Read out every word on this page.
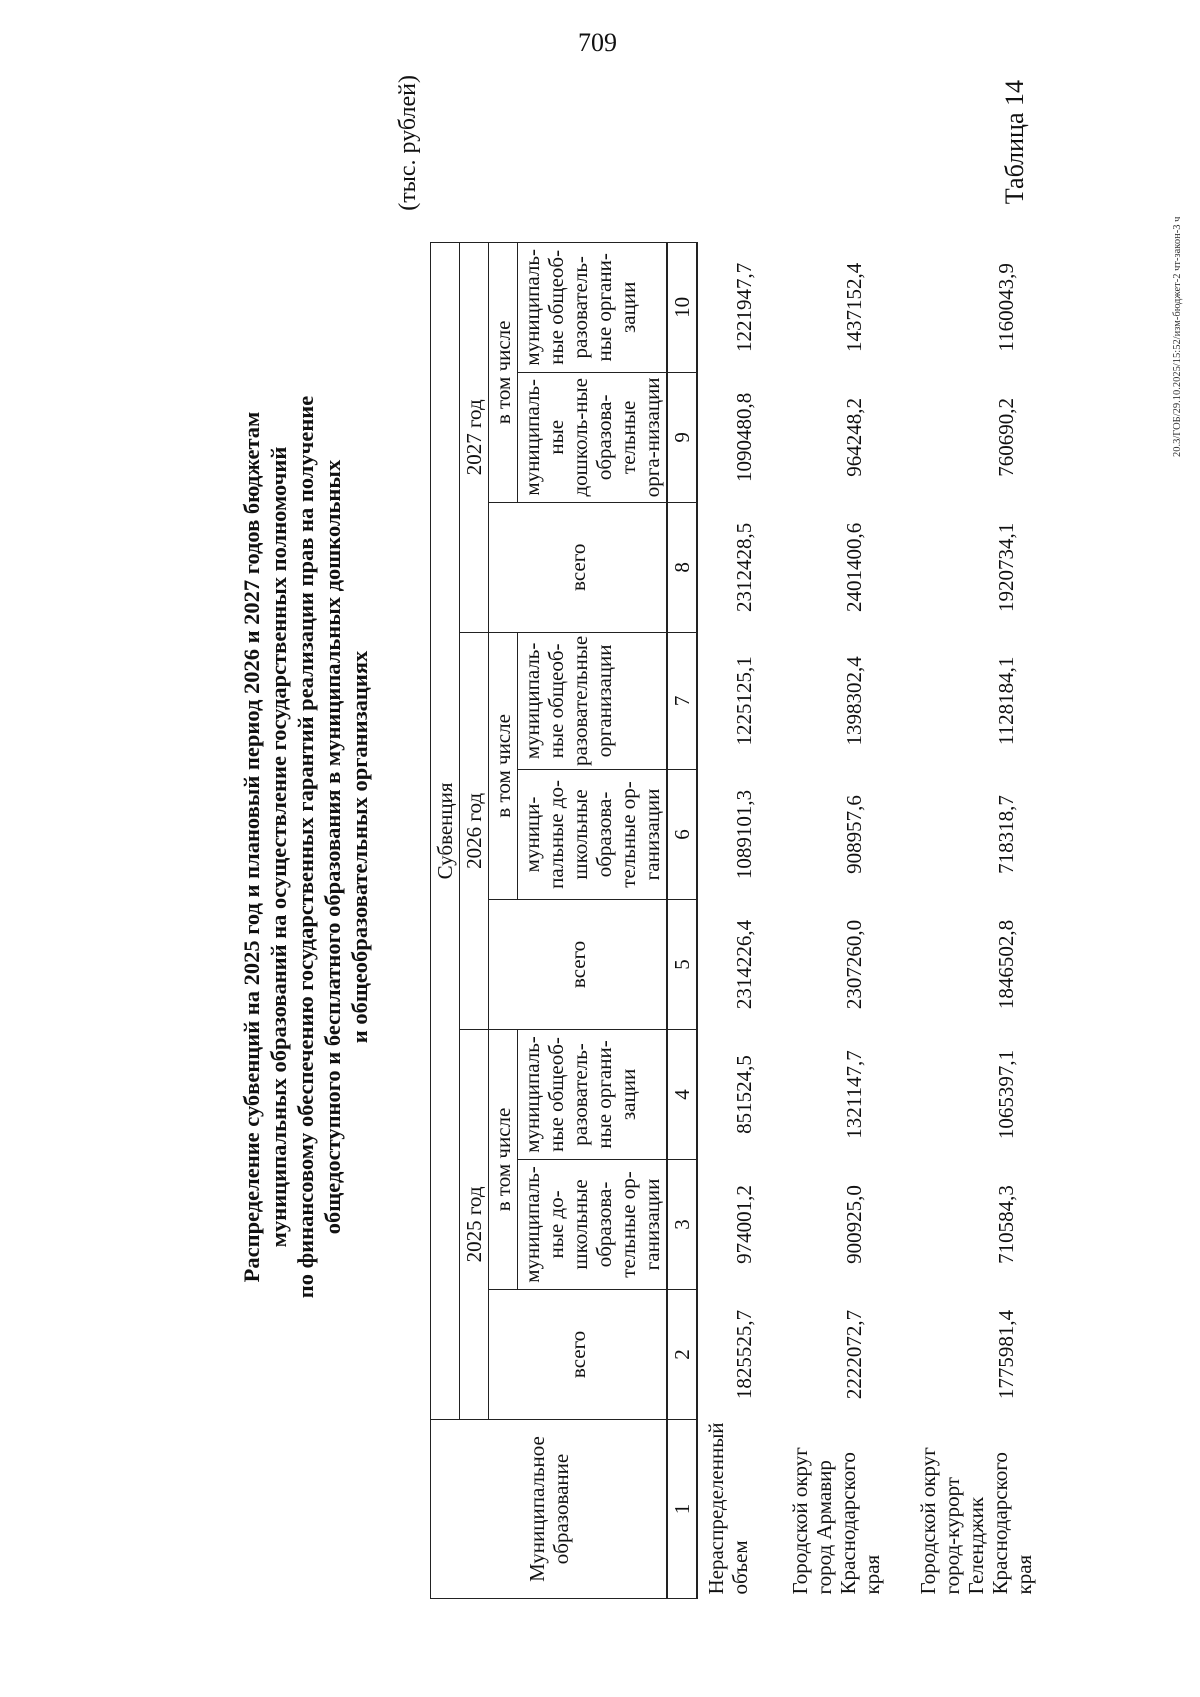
Таблица 14
Распределение субвенций на 2025 год и плановый период 2026 и 2027 годов бюджетам муниципальных образований на осуществление государственных полномочий по финансовому обеспечению государственных гарантий реализации прав на получение общедоступного и бесплатного образования в муниципальных дошкольных и общеобразовательных организациях
(тыс. рублей)
Муниципальное образование	Субвенция								
	2025 год			2026 год			2027 год		
	всего	в том числе		всего	в том числе		всего	в том числе	
		муниципаль-ные до-школьные образова-тельные ор-ганизации	муниципаль-ные общеоб-разователь-ные органи-зации		муници-пальные до-школьные образова-тельные ор-ганизации	муниципаль-ные общеоб-разовательные организации		муниципаль-ные дошколь-ные образова-тельные орга-низации	муниципаль-ные общеоб-разователь-ные органи-зации
1	2	3	4	5	6	7	8	9	10
Нераспределенный объем	1825525,7	974001,2	851524,5	2314226,4	1089101,3	1225125,1	2312428,5	1090480,8	1221947,7
Городской округ город Армавир Краснодарского края	2222072,7	900925,0	1321147,7	2307260,0	908957,6	1398302,4	2401400,6	964248,2	1437152,4
Городской округ город-курорт Геленджик Краснодарского края	1775981,4	710584,3	1065397,1	1846502,8	718318,7	1128184,1	1920734,1	760690,2	1160043,9	20.3/ГОБ/29.10.2025/15:52/изм-бюджет-2 чт-закон-3 ч
709
